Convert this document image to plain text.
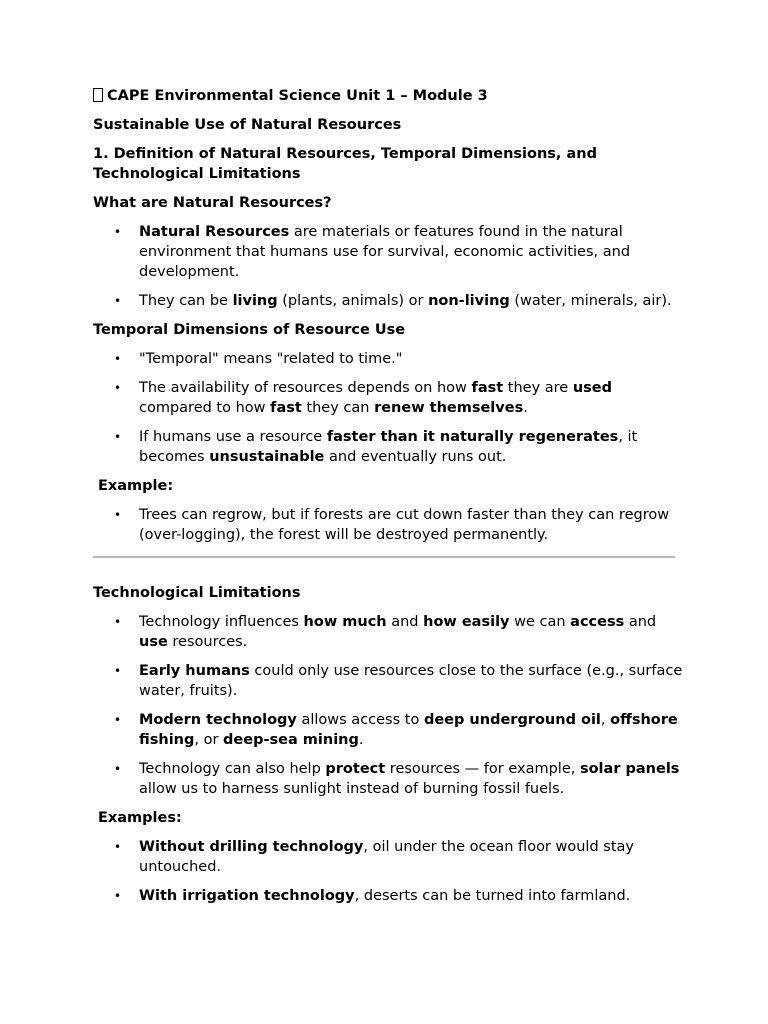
CAPE Environmental Science Unit 1 – Module 3

Sustainable Use of Natural Resources

1. Definition of Natural Resources, Temporal Dimensions, and Technological Limitations

What are Natural Resources?

• Natural Resources are materials or features found in the natural environment that humans use for survival, economic activities, and development.
• They can be living (plants, animals) or non-living (water, minerals, air).

Temporal Dimensions of Resource Use

• "Temporal" means "related to time."
• The availability of resources depends on how fast they are used compared to how fast they can renew themselves.
• If humans use a resource faster than it naturally regenerates, it becomes unsustainable and eventually runs out.

Example:

• Trees can regrow, but if forests are cut down faster than they can regrow (over-logging), the forest will be destroyed permanently.

Technological Limitations

• Technology influences how much and how easily we can access and use resources.
• Early humans could only use resources close to the surface (e.g., surface water, fruits).
• Modern technology allows access to deep underground oil, offshore fishing, or deep-sea mining.
• Technology can also help protect resources — for example, solar panels allow us to harness sunlight instead of burning fossil fuels.

Examples:

• Without drilling technology, oil under the ocean floor would stay untouched.
• With irrigation technology, deserts can be turned into farmland.
